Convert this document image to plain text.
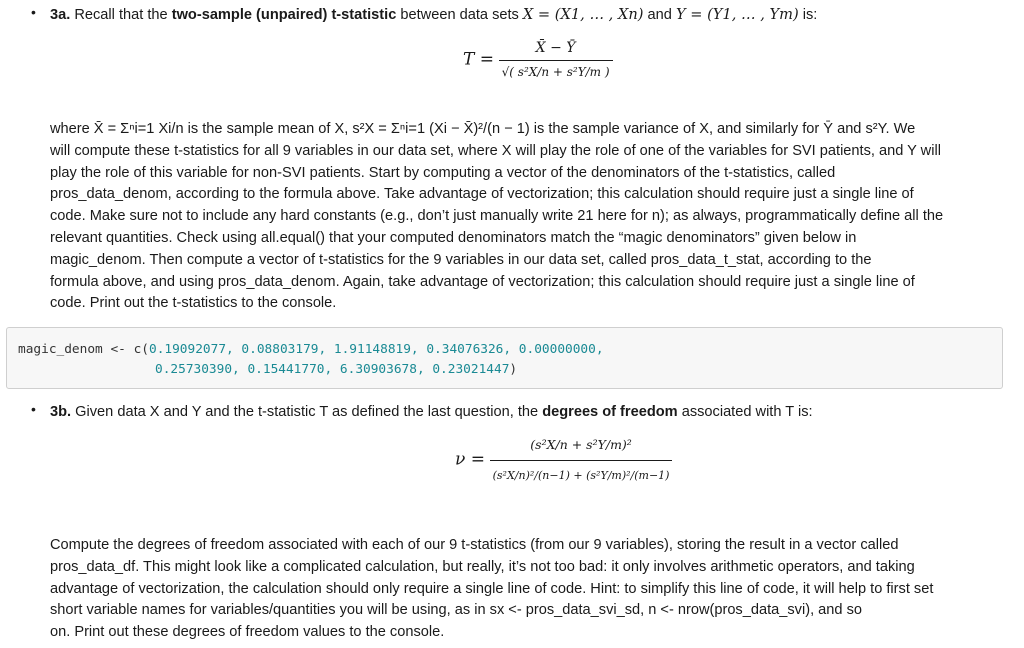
• 3a. Recall that the two-sample (unpaired) t-statistic between data sets X = (X1, … , Xn) and Y = (Y1, … , Ym) is:
$T = \frac{X̄ - Ȳ}{\text{√( s²X/n + s²Y/m )}}$
where X̄ = Σⁿi=1 Xi/n is the sample mean of X, s²X = Σⁿi=1 (Xi − X̄)²/(n − 1) is the sample variance of X, and similarly for Ȳ and s²Y. We
will compute these t-statistics for all 9 variables in our data set, where X will play the role of one of the variables for SVI patients, and Y will
play the role of this variable for non-SVI patients. Start by computing a vector of the denominators of the t-statistics, called
pros_data_denom, according to the formula above. Take advantage of vectorization; this calculation should require just a single line of
code. Make sure not to include any hard constants (e.g., don’t just manually write 21 here for n); as always, programmatically define all the
relevant quantities. Check using all.equal() that your computed denominators match the “magic denominators” given below in
magic_denom. Then compute a vector of t-statistics for the 9 variables in our data set, called pros_data_t_stat, according to the
formula above, and using pros_data_denom. Again, take advantage of vectorization; this calculation should require just a single line of
code. Print out the t-statistics to the console.
magic_denom <- c(0.19092077, 0.08803179, 1.91148819, 0.34076326, 0.00000000,
0.25730390, 0.15441770, 6.30903678, 0.23021447)
• 3b. Given data X and Y and the t-statistic T as defined the last question, the degrees of freedom associated with T is:
$\nu = \frac{\text{(s²X/n + s²Y/m)²}}{\text{(s²X/n)²/(n−1) + (s²Y/m)²/(m−1)}}$
Compute the degrees of freedom associated with each of our 9 t-statistics (from our 9 variables), storing the result in a vector called
pros_data_df. This might look like a complicated calculation, but really, it’s not too bad: it only involves arithmetic operators, and taking
advantage of vectorization, the calculation should only require a single line of code. Hint: to simplify this line of code, it will help to first set
short variable names for variables/quantities you will be using, as in sx <- pros_data_svi_sd, n <- nrow(pros_data_svi), and so
on. Print out these degrees of freedom values to the console.
